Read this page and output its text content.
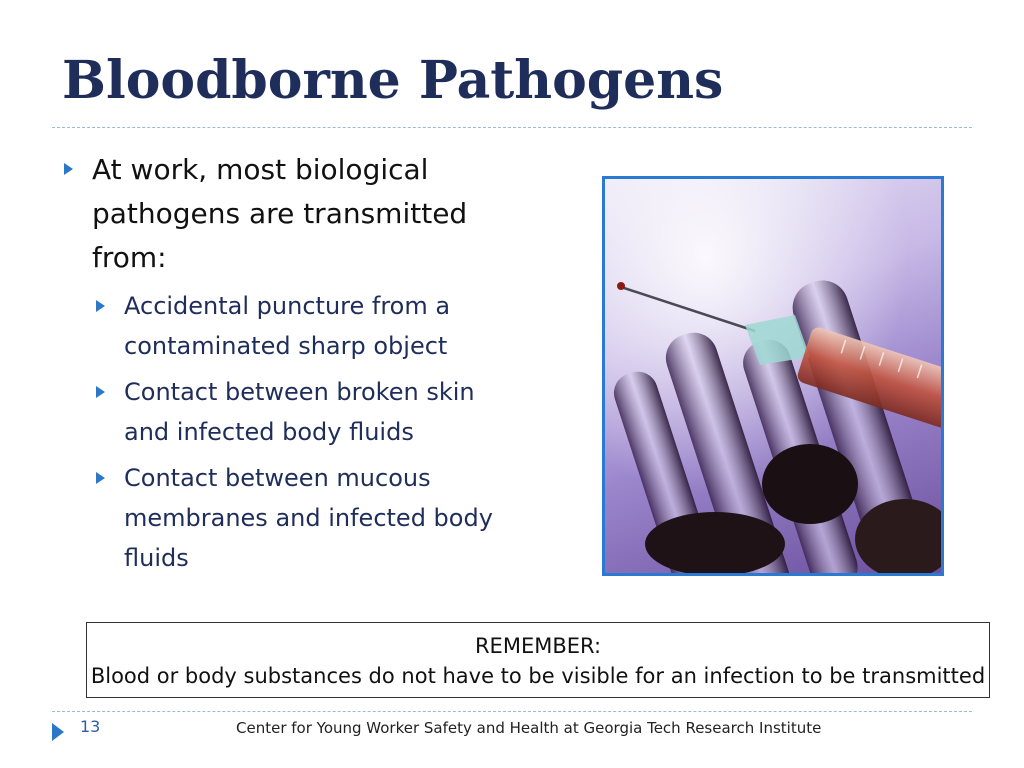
Bloodborne Pathogens
At work, most biological pathogens are transmitted from:
Accidental puncture from a contaminated sharp object
Contact between broken skin and infected body fluids
Contact between mucous membranes and infected body fluids
REMEMBER:
Blood or body substances do not have to be visible for an infection to be transmitted
13	Center for Young Worker Safety and Health at Georgia Tech Research Institute
